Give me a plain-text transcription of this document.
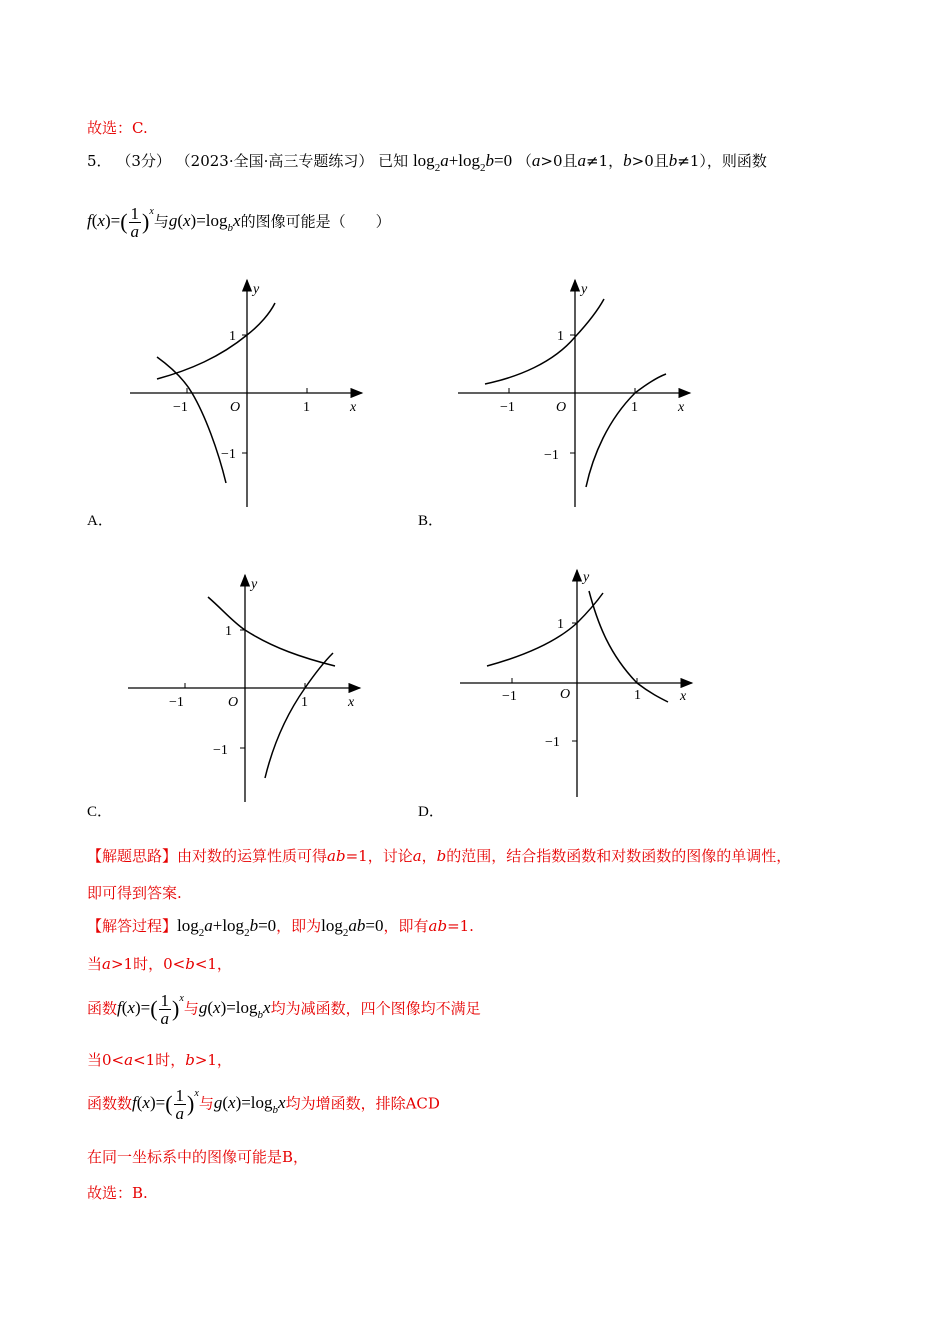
故选：C.
5． （3分） （2023·全国·高三专题练习） 已知 $\log_2a+\log_2b=0$ （a>0且a≠1，b>0且b≠1），则函数
$f(x)=( \frac{1}{a} )^x$与$g(x)=\log_bx$的图像可能是（　　）
y
x
O
−1	1
1
−1
A．
y
x
O
−1	1
1
−1
B．
y
x
O
−1	1
1
−1
C．
y
x
O
−1	1
1
−1
D．
【解题思路】由对数的运算性质可得ab=1，讨论a，b的范围，结合指数函数和对数函数的图像的单调性，
即可得到答案.
【解答过程】$\log_2a+\log_2b=0$，即为$\log_2ab=0$，即有ab=1.
当a>1时，0<b<1，
函数$f(x)=( \frac{1}{a} )^x$与$g(x)=\log_bx$均为减函数，四个图像均不满足
当0<a<1时，b>1，
函数数$f(x)=( \frac{1}{a} )^x$与$g(x)=\log_bx$均为增函数，排除ACD
在同一坐标系中的图像可能是B，
故选：B.
